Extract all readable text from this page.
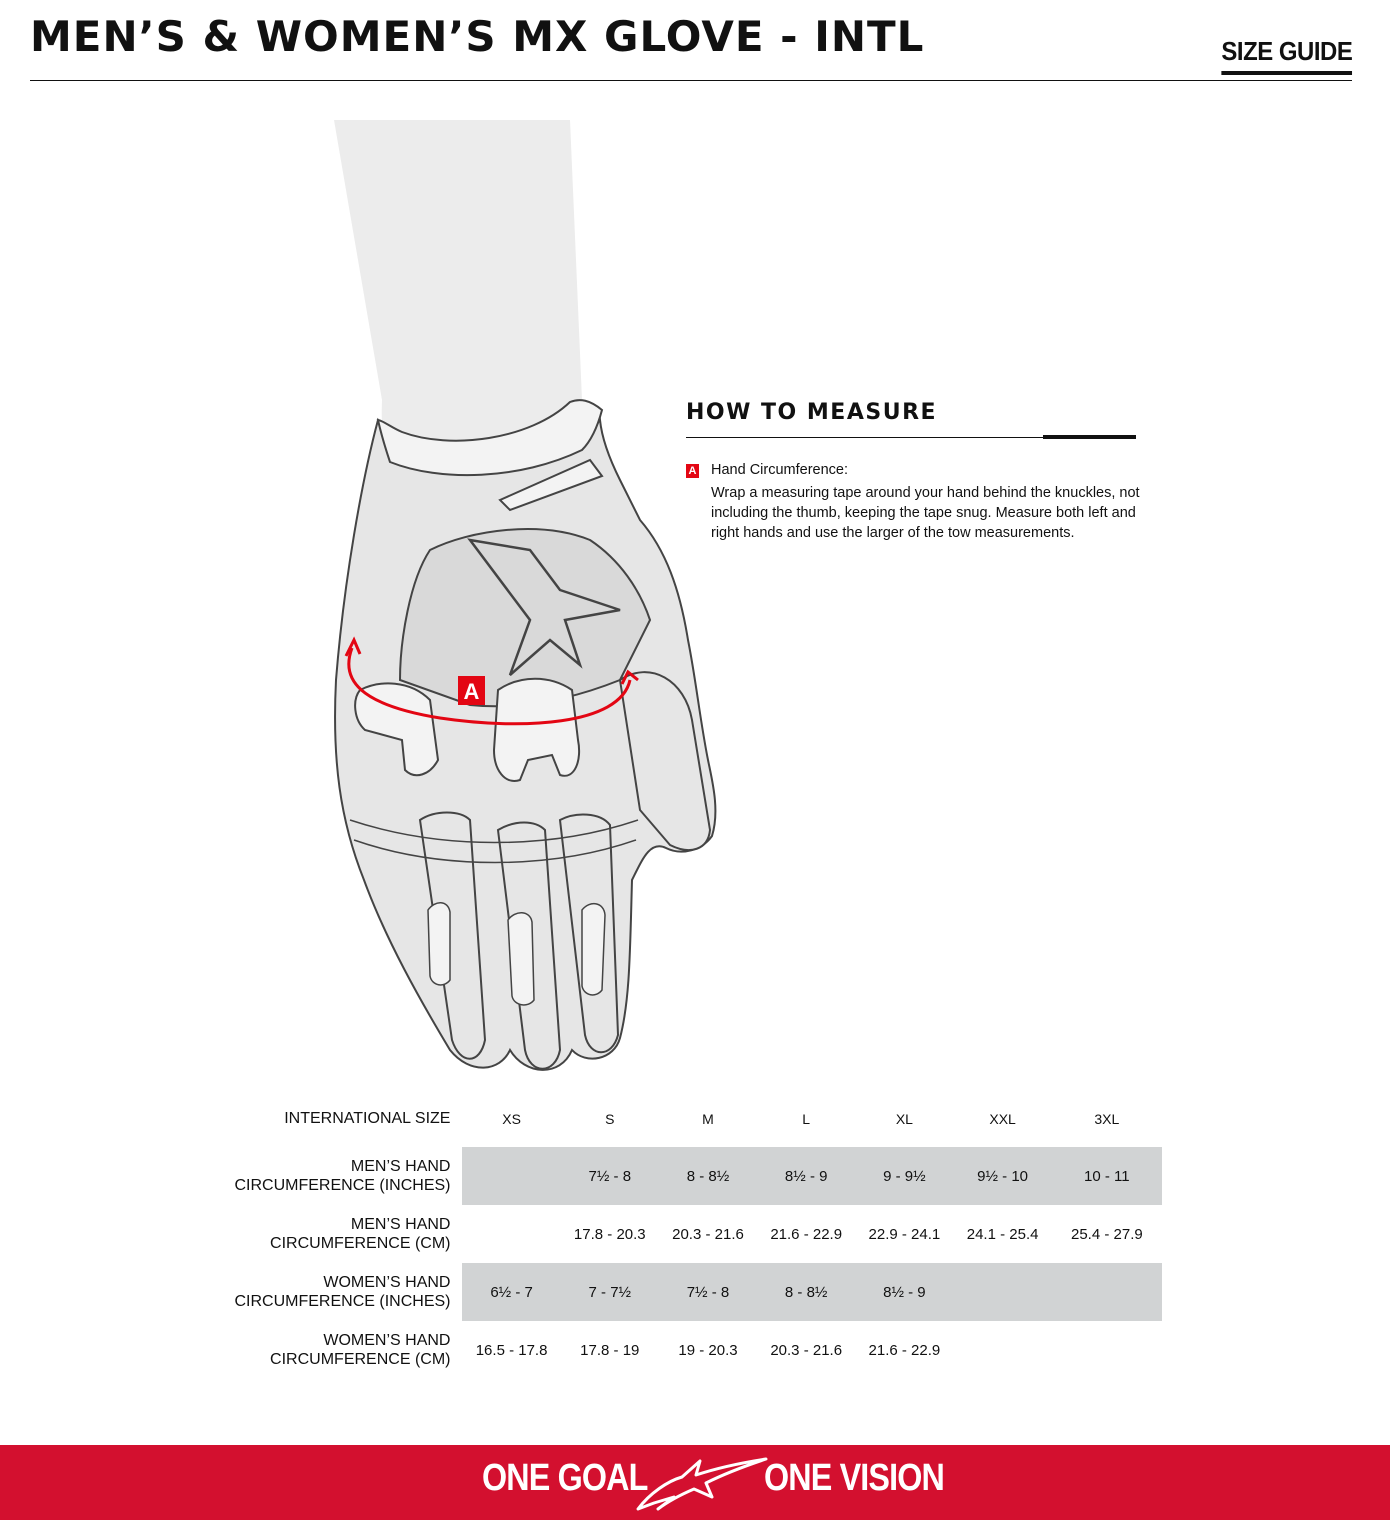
MEN’S & WOMEN’S MX GLOVE - INTL	SIZE GUIDE
A
HOW TO MEASURE
A Hand Circumference:

Wrap a measuring tape around your hand behind the knuckles, not including the thumb, keeping the tape snug. Measure both left and right hands and use the larger of the tow measurements.

INTERNATIONAL SIZE	XS	S	M	L	XL	XXL	3XL
MEN’S HAND
CIRCUMFERENCE (INCHES)		7½ - 8	8 - 8½	8½ - 9	9 - 9½	9½ - 10	10 - 11
MEN’S HAND
CIRCUMFERENCE (CM)		17.8 - 20.3	20.3 - 21.6	21.6 - 22.9	22.9 - 24.1	24.1 - 25.4	25.4 - 27.9
WOMEN’S HAND
CIRCUMFERENCE (INCHES)	6½ - 7	7 - 7½	7½ - 8	8 - 8½	8½ - 9		
WOMEN’S HAND
CIRCUMFERENCE (CM)	16.5 - 17.8	17.8 - 19	19 - 20.3	20.3 - 21.6	21.6 - 22.9		
ONE GOAL	ONE VISION
